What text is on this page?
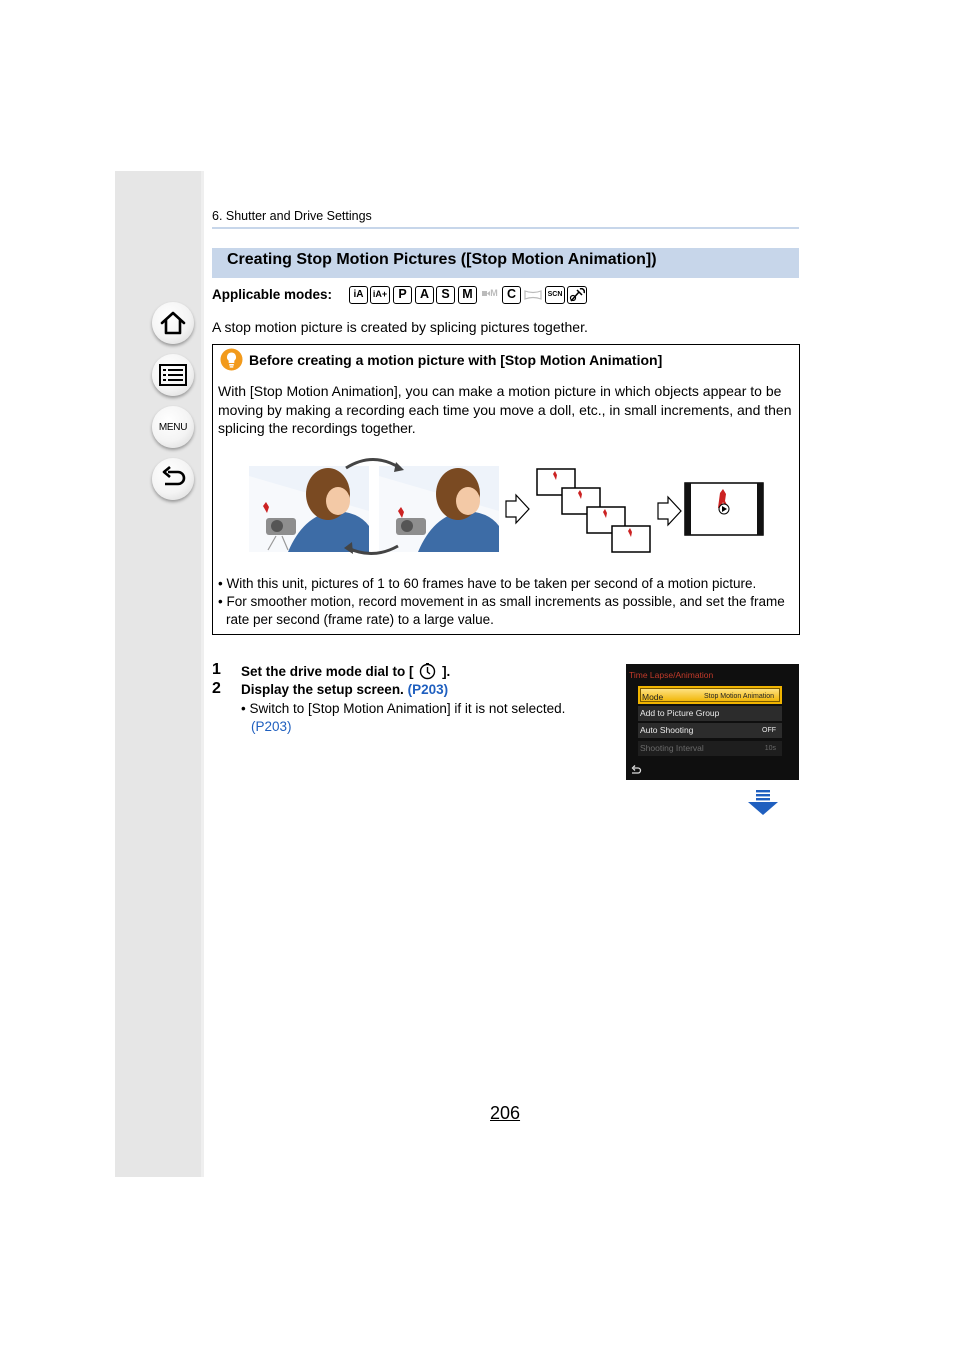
MENU
6. Shutter and Drive Settings
Creating Stop Motion Pictures ([Stop Motion Animation])
Applicable modes:	iA	iA+ P	A S	M	M C	SCN
A stop motion picture is created by splicing pictures together.
Before creating a motion picture with [Stop Motion Animation]
With [Stop Motion Animation], you can make a motion picture in which objects appear to be moving by making a recording each time you move a doll, etc., in small increments, and then splicing the recordings together.
• With this unit, pictures of 1 to 60 frames have to be taken per second of a motion picture.
• For smoother motion, record movement in as small increments as possible, and set the frame rate per second (frame rate) to a large value.
1 Set the drive mode dial to [ ].
2 Display the setup screen. (P203)
• Switch to [Stop Motion Animation] if it is not selected.
(P203)
Time Lapse/Animation
Mode	Stop Motion Animation
Add to Picture Group
Auto Shooting	OFF
Shooting Interval	10s
206
